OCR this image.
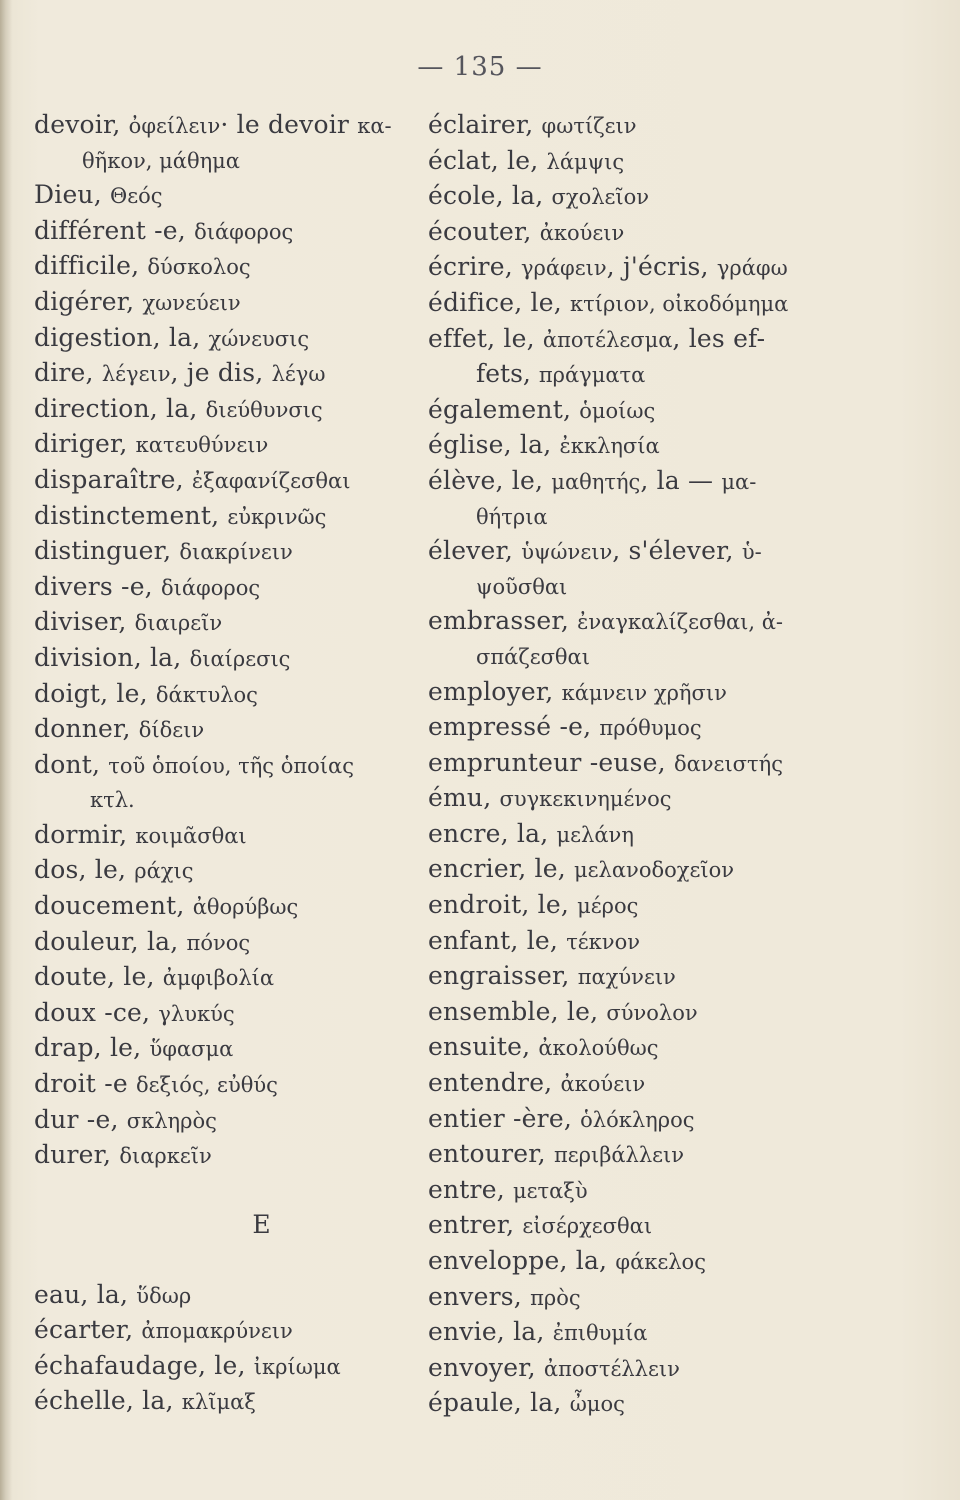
— 135 —
devoir, ὀφείλειν· le devoir κα-
θῆκον, μάθημα
Dieu, Θεός
différent -e, διάφορος
difficile, δύσκολος
digérer, χωνεύειν
digestion, la, χώνευσις
dire, λέγειν, je dis, λέγω
direction, la, διεύθυνσις
diriger, κατευθύνειν
disparaître, ἐξαφανίζεσθαι
distinctement, εὐκρινῶς
distinguer, διακρίνειν
divers -e, διάφορος
diviser, διαιρεῖν
division, la, διαίρεσις
doigt, le, δάκτυλος
donner, δίδειν
dont, τοῦ ὁποίου, τῆς ὁποίας
κτλ.
dormir, κοιμᾶσθαι
dos, le, ράχις
doucement, ἀθορύβως
douleur, la, πόνος
doute, le, ἀμφιβολία
doux -ce, γλυκύς
drap, le, ὕφασμα
droit -e δεξιός, εὐθύς
dur -e, σκληρὸς
durer, διαρκεῖν
E
eau, la, ὕδωρ
écarter, ἀπομακρύνειν
échafaudage, le, ἰκρίωμα
échelle, la, κλῖμαξ
éclairer, φωτίζειν
éclat, le, λάμψις
école, la, σχολεῖον
écouter, ἀκούειν
écrire, γράφειν, j'écris, γράφω
édifice, le, κτίριον, οἰκοδόμημα
effet, le, ἀποτέλεσμα, les ef-
fets, πράγματα
également, ὁμοίως
église, la, ἐκκλησία
élève, le, μαθητής, la — μα-
θήτρια
élever, ὑψώνειν, s'élever, ὑ-
ψοῦσθαι
embrasser, ἐναγκαλίζεσθαι, ἀ-
σπάζεσθαι
employer, κάμνειν χρῆσιν
empressé -e, πρόθυμος
emprunteur -euse, δανειστής
ému, συγκεκινημένος
encre, la, μελάνη
encrier, le, μελανοδοχεῖον
endroit, le, μέρος
enfant, le, τέκνον
engraisser, παχύνειν
ensemble, le, σύνολον
ensuite, ἀκολούθως
entendre, ἀκούειν
entier -ère, ὁλόκληρος
entourer, περιβάλλειν
entre, μεταξὺ
entrer, εἰσέρχεσθαι
enveloppe, la, φάκελος
envers, πρὸς
envie, la, ἐπιθυμία
envoyer, ἀποστέλλειν
épaule, la, ὦμος
